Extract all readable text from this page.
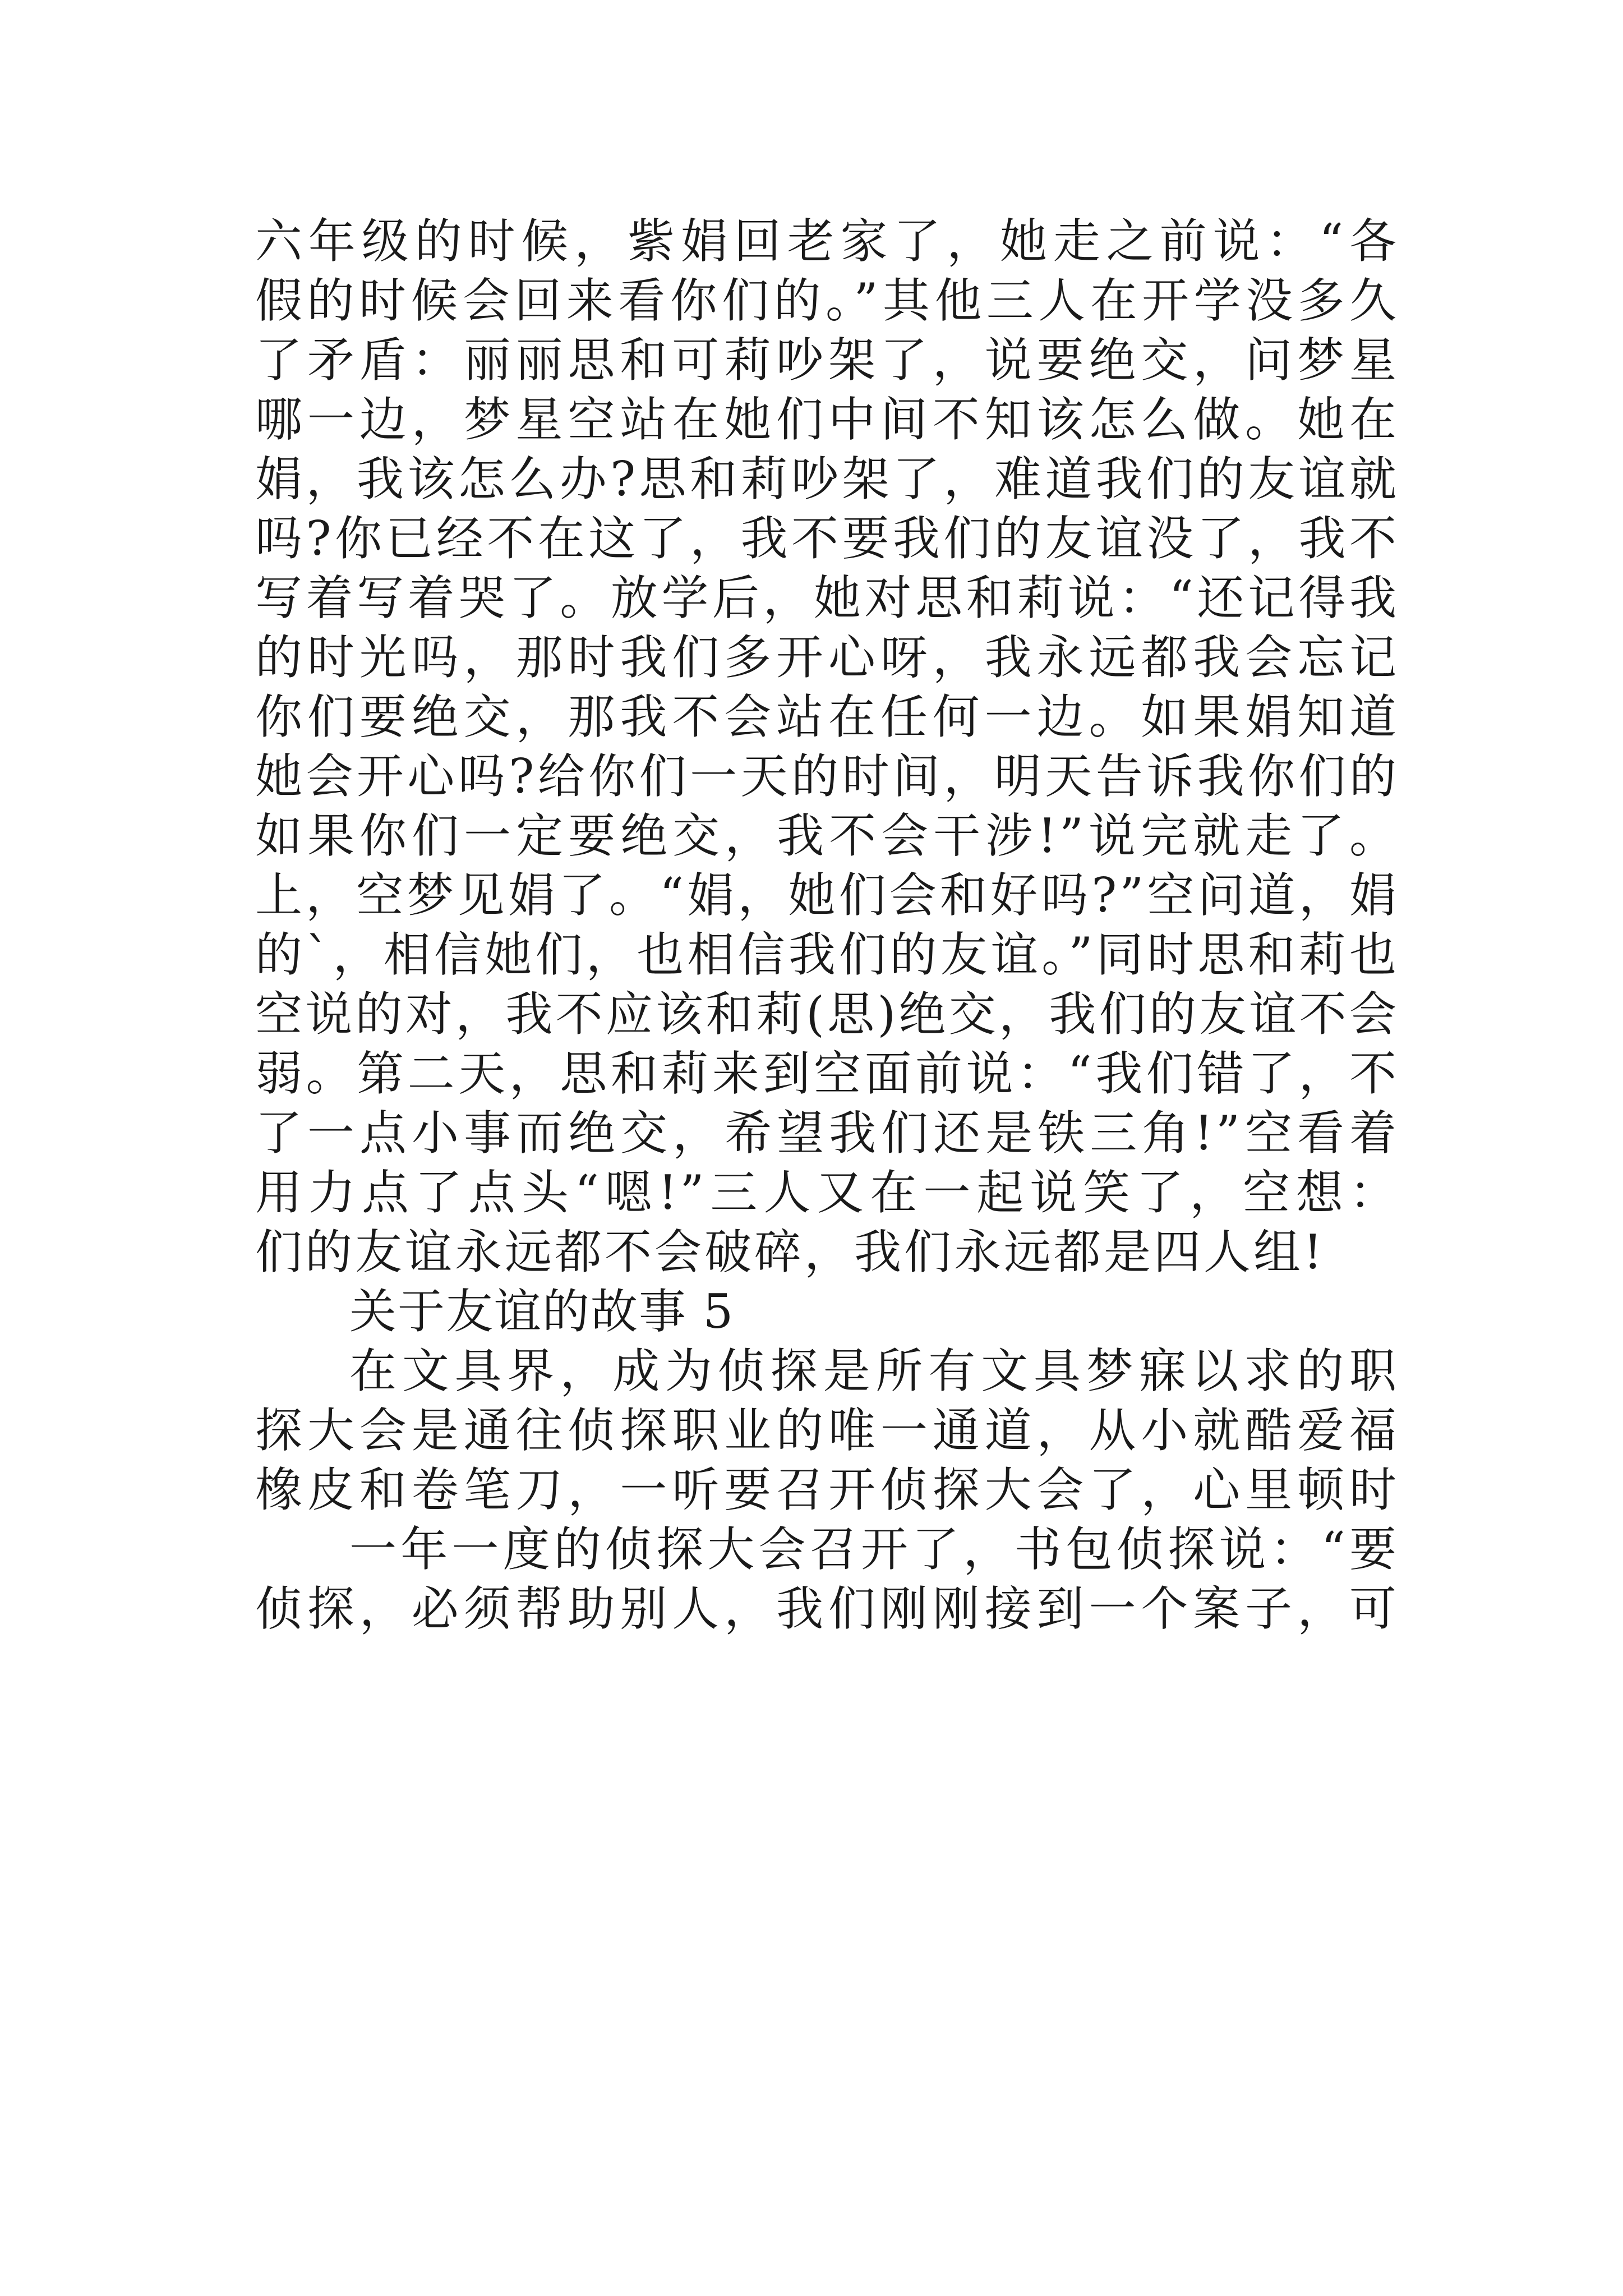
六年级的时候，紫娟回老家了，她走之前说：“各
假的时候会回来看你们的。”其他三人在开学没多久
了矛盾：丽丽思和可莉吵架了，说要绝交，问梦星
哪一边，梦星空站在她们中间不知该怎么做。她在
娟，我该怎么办?思和莉吵架了，难道我们的友谊就
吗?你已经不在这了，我不要我们的友谊没了，我不
写着写着哭了。放学后，她对思和莉说：“还记得我
的时光吗，那时我们多开心呀，我永远都我会忘记
你们要绝交，那我不会站在任何一边。如果娟知道
她会开心吗?给你们一天的时间，明天告诉我你们的
如果你们一定要绝交，我不会干涉!”说完就走了。
上，空梦见娟了。“娟，她们会和好吗?”空问道，娟
的`，相信她们，也相信我们的友谊。”同时思和莉也
空说的对，我不应该和莉(思)绝交，我们的友谊不会
弱。第二天，思和莉来到空面前说：“我们错了，不
了一点小事而绝交，希望我们还是铁三角!”空看着
用力点了点头“嗯!”三人又在一起说笑了，空想：
们的友谊永远都不会破碎，我们永远都是四人组!
关于友谊的故事 5
在文具界，成为侦探是所有文具梦寐以求的职
探大会是通往侦探职业的唯一通道，从小就酷爱福
橡皮和卷笔刀，一听要召开侦探大会了，心里顿时
一年一度的侦探大会召开了，书包侦探说：“要
侦探，必须帮助别人，我们刚刚接到一个案子，可
